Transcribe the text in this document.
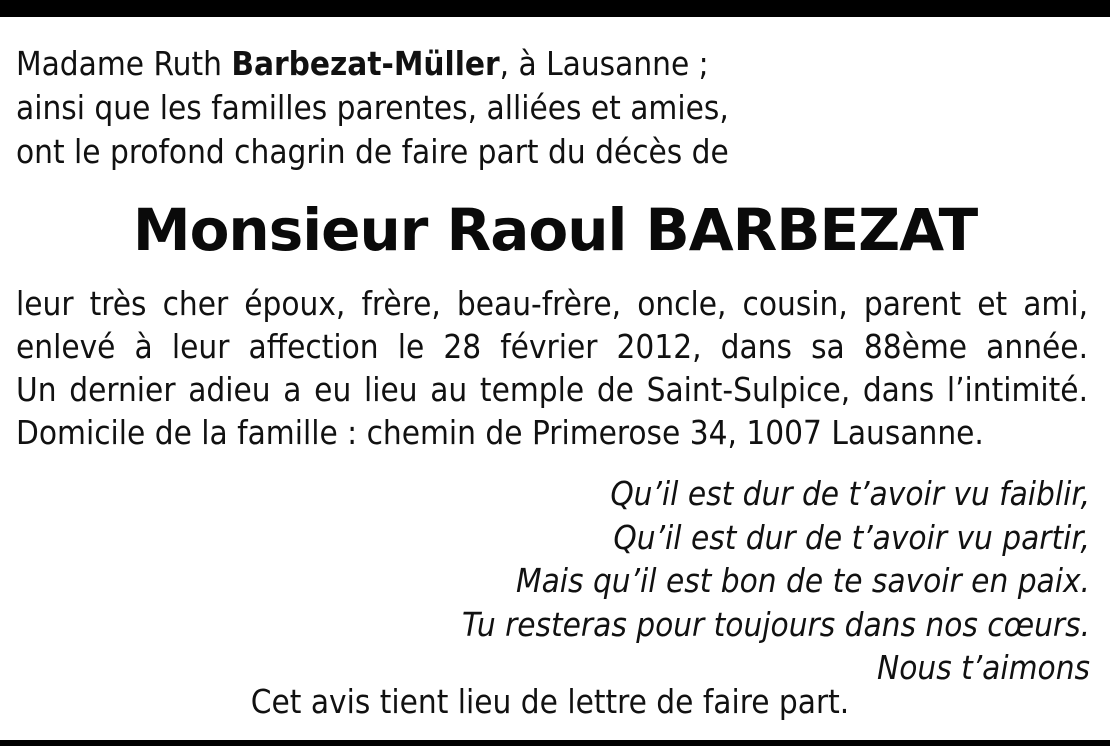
Madame Ruth Barbezat-Müller, à Lausanne ;
ainsi que les familles parentes, alliées et amies,
ont le profond chagrin de faire part du décès de
Monsieur Raoul BARBEZAT
leur très cher époux, frère, beau-frère, oncle, cousin, parent et ami,
enlevé à leur affection le 28 février 2012, dans sa 88ème année.
Un dernier adieu a eu lieu au temple de Saint-Sulpice, dans l’intimité.
Domicile de la famille : chemin de Primerose 34, 1007 Lausanne.
Qu’il est dur de t’avoir vu faiblir,
Qu’il est dur de t’avoir vu partir,
Mais qu’il est bon de te savoir en paix.
Tu resteras pour toujours dans nos cœurs.
Nous t’aimons
Cet avis tient lieu de lettre de faire part.
